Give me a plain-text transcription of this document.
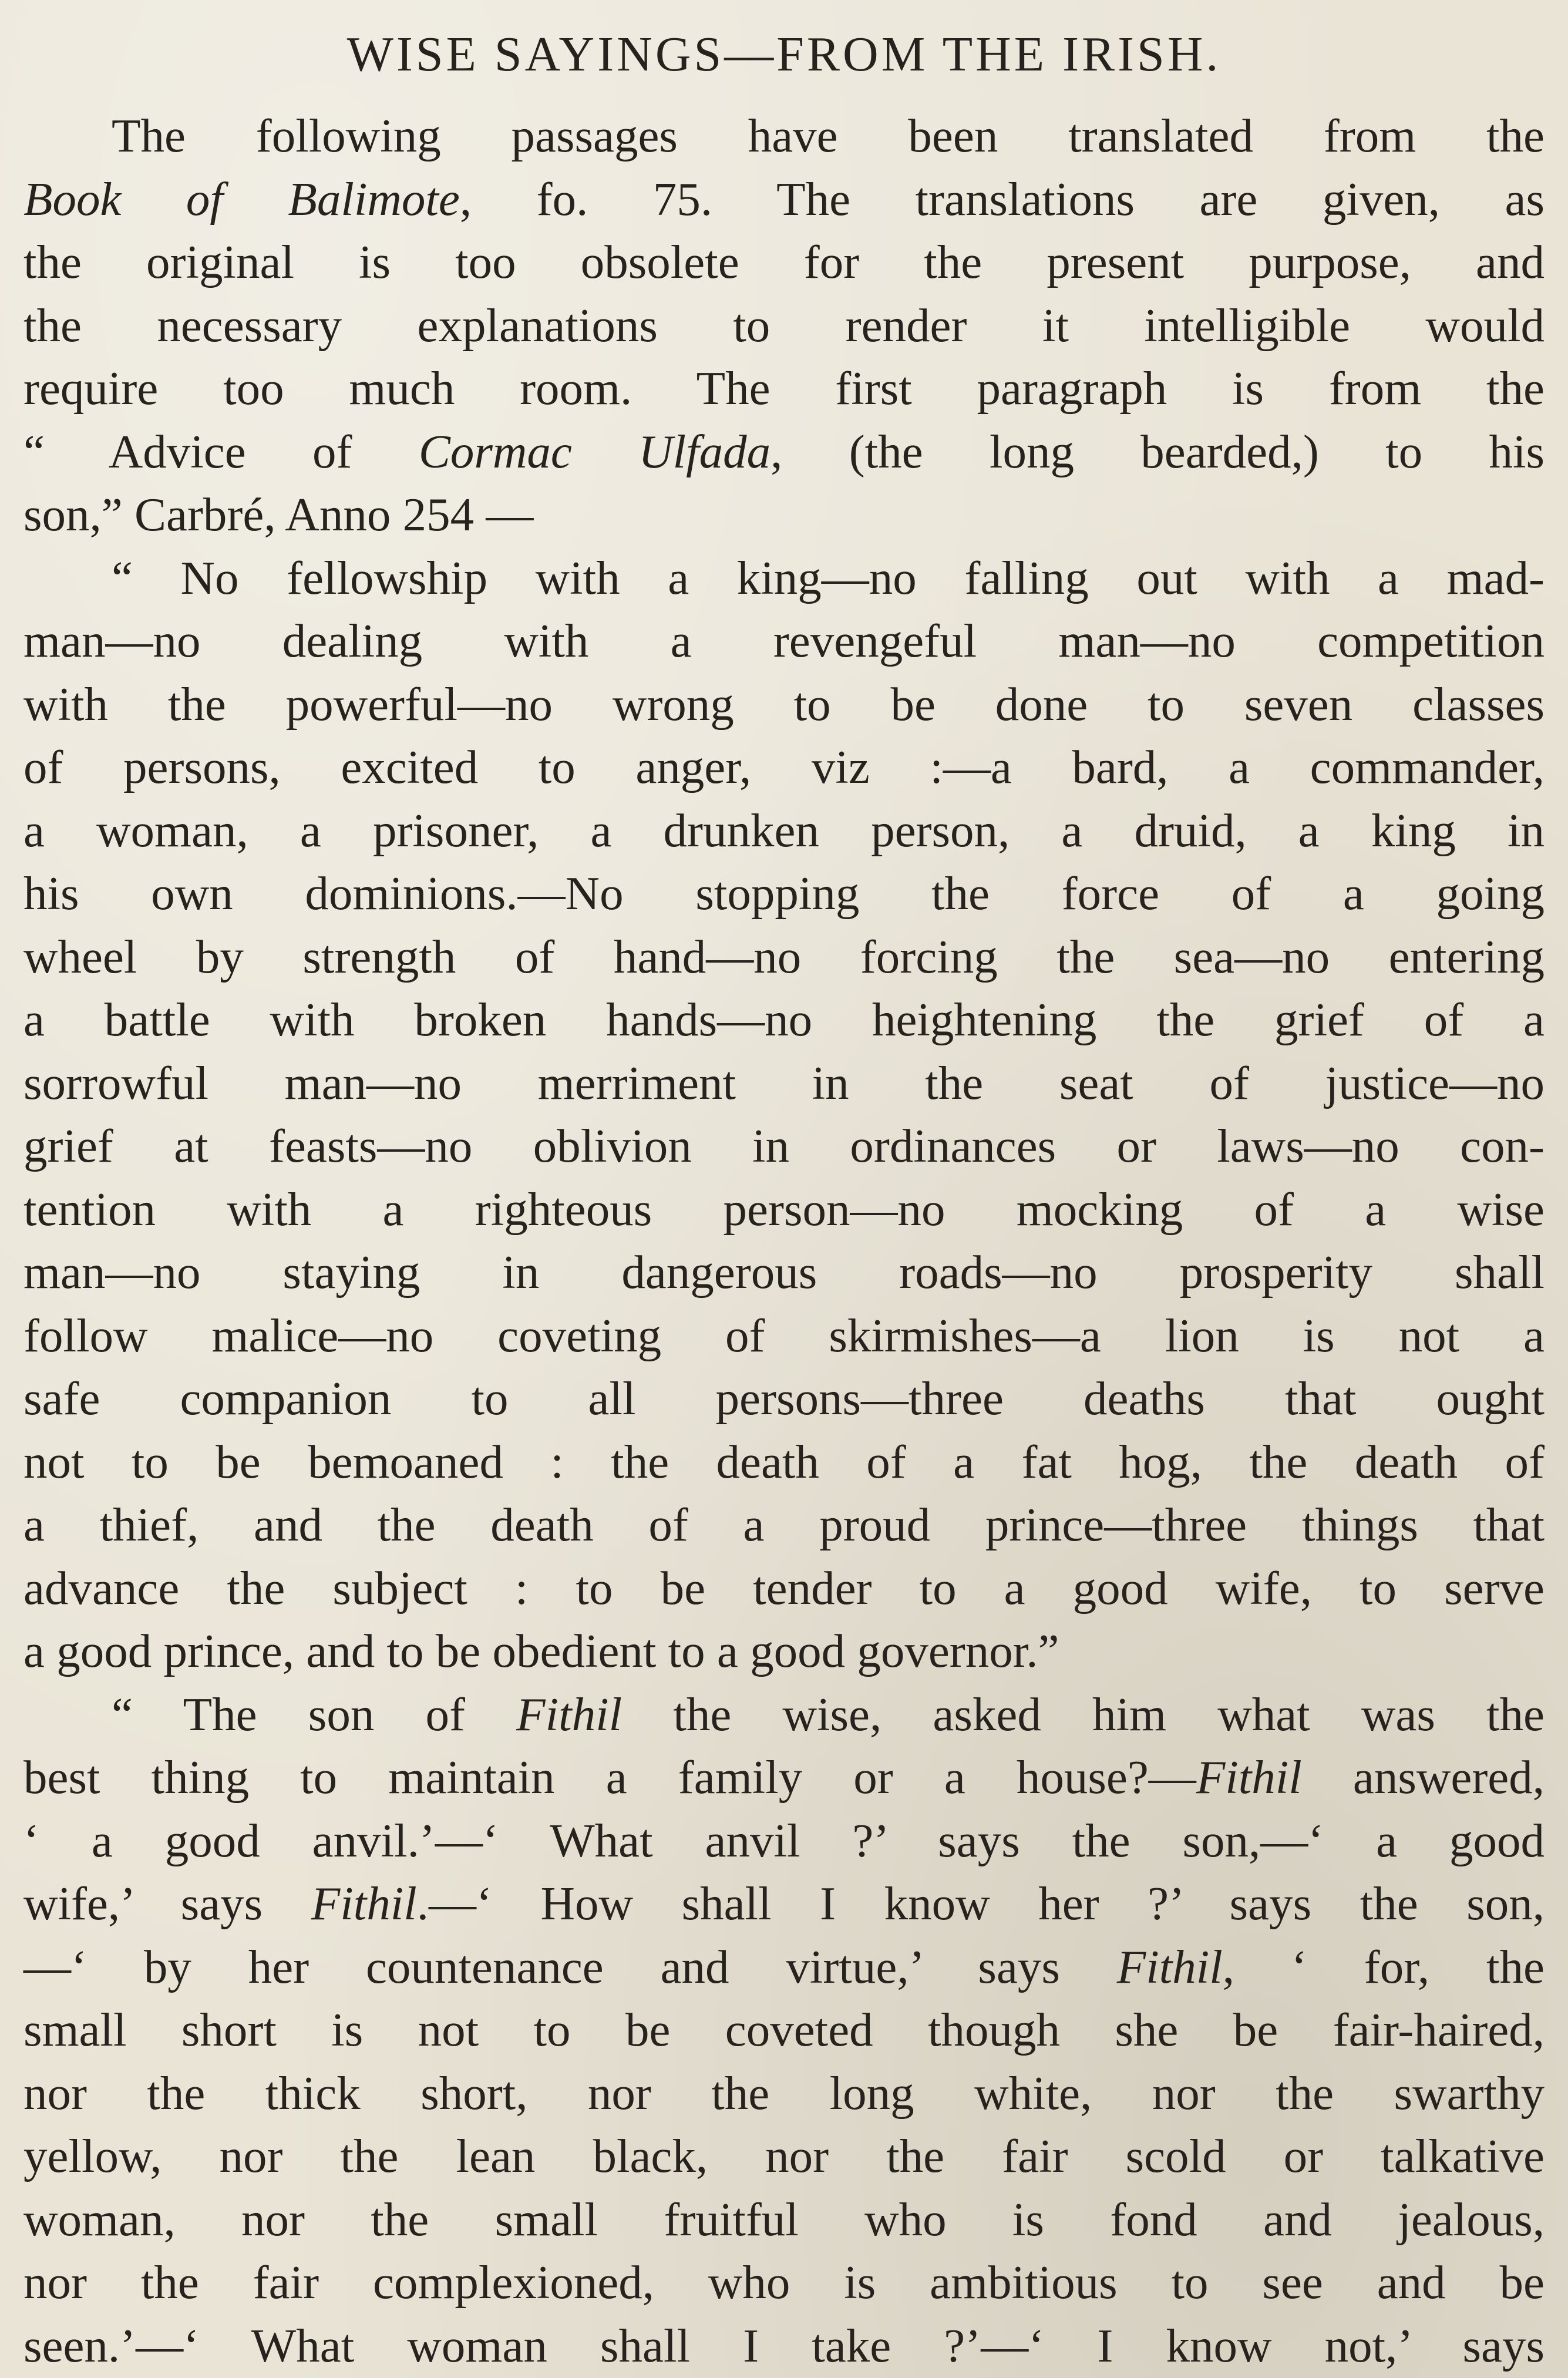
WISE SAYINGS—FROM THE IRISH.
The following passages have been translated from the
Book of Balimote, fo. 75. The translations are given, as
the original is too obsolete for the present purpose, and
the necessary explanations to render it intelligible would
require too much room. The first paragraph is from the
“ Advice of Cormac Ulfada, (the long bearded,) to his
son,” Carbré, Anno 254 —
“ No fellowship with a king—no falling out with a mad-
man—no dealing with a revengeful man—no competition
with the powerful—no wrong to be done to seven classes
of persons, excited to anger, viz :—a bard, a commander,
a woman, a prisoner, a drunken person, a druid, a king in
his own dominions.—No stopping the force of a going
wheel by strength of hand—no forcing the sea—no entering
a battle with broken hands—no heightening the grief of a
sorrowful man—no merriment in the seat of justice—no
grief at feasts—no oblivion in ordinances or laws—no con-
tention with a righteous person—no mocking of a wise
man—no staying in dangerous roads—no prosperity shall
follow malice—no coveting of skirmishes—a lion is not a
safe companion to all persons—three deaths that ought
not to be bemoaned : the death of a fat hog, the death of
a thief, and the death of a proud prince—three things that
advance the subject : to be tender to a good wife, to serve
a good prince, and to be obedient to a good governor.”
“ The son of Fithil the wise, asked him what was the
best thing to maintain a family or a house?—Fithil answered,
‘ a good anvil.’—‘ What anvil ?’ says the son,—‘ a good
wife,’ says Fithil.—‘ How shall I know her ?’ says the son,
—‘ by her countenance and virtue,’ says Fithil, ‘ for, the
small short is not to be coveted though she be fair-haired,
nor the thick short, nor the long white, nor the swarthy
yellow, nor the lean black, nor the fair scold or talkative
woman, nor the small fruitful who is fond and jealous,
nor the fair complexioned, who is ambitious to see and be
seen.’—‘ What woman shall I take ?’—‘ I know not,’ says
